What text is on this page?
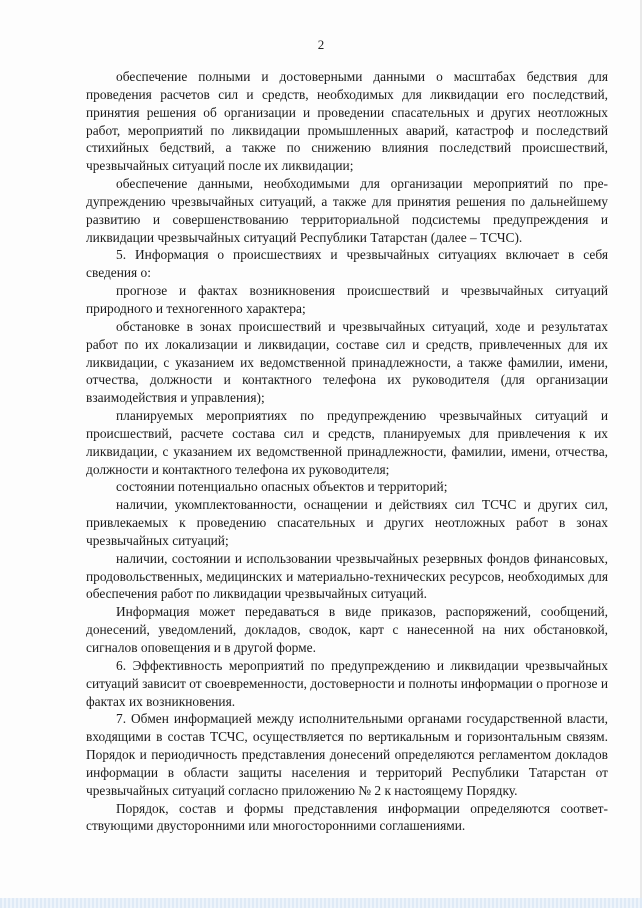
2

обеспечение полными и достоверными данными о масштабах бедствия для проведения расчетов сил и средств, необходимых для ликвидации его последствий, принятия решения об организации и проведении спасательных и других неотложных работ, мероприятий по ликвидации промышленных аварий, катастроф и последствий стихийных бедствий, а также по снижению влияния последствий происшествий, чрезвычайных ситуаций после их ликвидации;

обеспечение данными, необходимыми для организации мероприятий по предупреждению чрезвычайных ситуаций, а также для принятия решения по дальнейшему развитию и совершенствованию территориальной подсистемы предупреждения и ликвидации чрезвычайных ситуаций Республики Татарстан (далее – ТСЧС).

5. Информация о происшествиях и чрезвычайных ситуациях включает в себя сведения о:

прогнозе и фактах возникновения происшествий и чрезвычайных ситуаций природного и техногенного характера;

обстановке в зонах происшествий и чрезвычайных ситуаций, ходе и результатах работ по их локализации и ликвидации, составе сил и средств, привлеченных для их ликвидации, с указанием их ведомственной принадлежности, а также фамилии, имени, отчества, должности и контактного телефона их руководителя (для организации взаимодействия и управления);

планируемых мероприятиях по предупреждению чрезвычайных ситуаций и происшествий, расчете состава сил и средств, планируемых для привлечения к их ликвидации, с указанием их ведомственной принадлежности, фамилии, имени, отчества, должности и контактного телефона их руководителя;

состоянии потенциально опасных объектов и территорий;

наличии, укомплектованности, оснащении и действиях сил ТСЧС и других сил, привлекаемых к проведению спасательных и других неотложных работ в зонах чрезвычайных ситуаций;

наличии, состоянии и использовании чрезвычайных резервных фондов финансовых, продовольственных, медицинских и материально-технических ресурсов, необходимых для обеспечения работ по ликвидации чрезвычайных ситуаций.

Информация может передаваться в виде приказов, распоряжений, сообщений, донесений, уведомлений, докладов, сводок, карт с нанесенной на них обстановкой, сигналов оповещения и в другой форме.

6. Эффективность мероприятий по предупреждению и ликвидации чрезвычайных ситуаций зависит от своевременности, достоверности и полноты информации о прогнозе и фактах их возникновения.

7. Обмен информацией между исполнительными органами государственной власти, входящими в состав ТСЧС, осуществляется по вертикальным и горизонтальным связям. Порядок и периодичность представления донесений определяются регламентом докладов информации в области защиты населения и территорий Республики Татарстан от чрезвычайных ситуаций согласно приложению № 2 к настоящему Порядку.

Порядок, состав и формы представления информации определяются соответствующими двусторонними или многосторонними соглашениями.
